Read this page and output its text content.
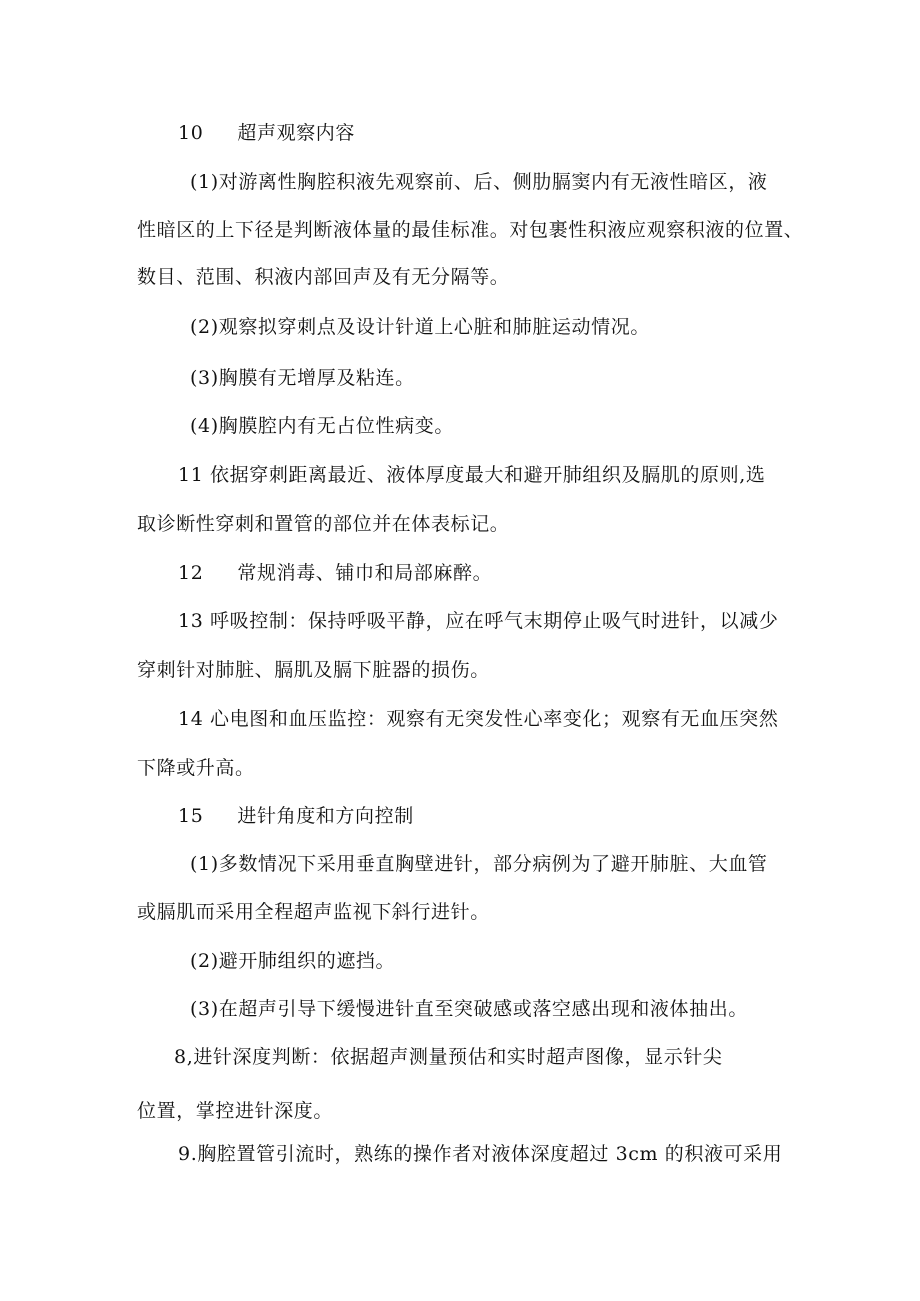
10 超声观察内容
(1)对游离性胸腔积液先观察前、后、侧肋膈窦内有无液性暗区，液
性暗区的上下径是判断液体量的最佳标准。对包裹性积液应观察积液的位置、
数目、范围、积液内部回声及有无分隔等。
(2)观察拟穿刺点及设计针道上心脏和肺脏运动情况。
(3)胸膜有无增厚及粘连。
(4)胸膜腔内有无占位性病变。
11 依据穿刺距离最近、液体厚度最大和避开肺组织及膈肌的原则,选
取诊断性穿刺和置管的部位并在体表标记。
12 常规消毒、铺巾和局部麻醉。
13 呼吸控制：保持呼吸平静，应在呼气末期停止吸气时进针，以减少
穿刺针对肺脏、膈肌及膈下脏器的损伤。
14 心电图和血压监控：观察有无突发性心率变化；观察有无血压突然
下降或升高。
15 进针角度和方向控制
(1)多数情况下采用垂直胸壁进针，部分病例为了避开肺脏、大血管
或膈肌而采用全程超声监视下斜行进针。
(2)避开肺组织的遮挡。
(3)在超声引导下缓慢进针直至突破感或落空感出现和液体抽出。
8,进针深度判断：依据超声测量预估和实时超声图像，显示针尖
位置，掌控进针深度。
9.胸腔置管引流时，熟练的操作者对液体深度超过 3cm 的积液可采用
